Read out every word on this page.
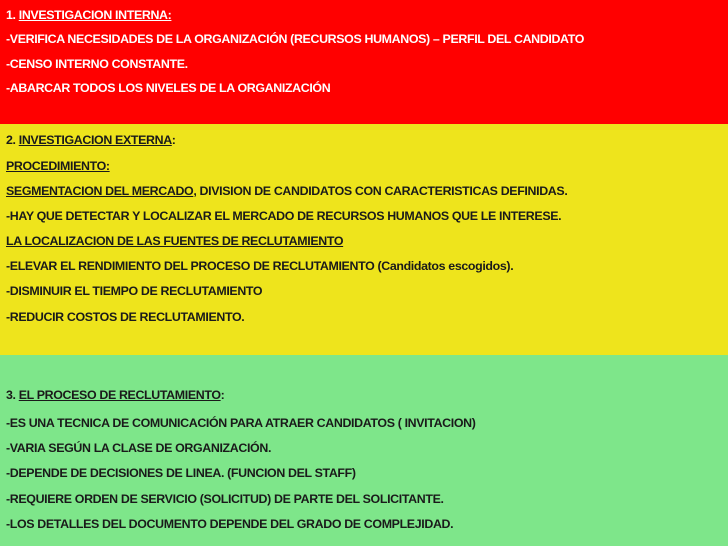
1. INVESTIGACION INTERNA:
-VERIFICA NECESIDADES DE LA ORGANIZACIÓN (RECURSOS HUMANOS) – PERFIL DEL CANDIDATO
-CENSO INTERNO CONSTANTE.
-ABARCAR TODOS LOS NIVELES DE LA ORGANIZACIÓN
2. INVESTIGACION EXTERNA:
PROCEDIMIENTO:
SEGMENTACION DEL MERCADO, DIVISION DE CANDIDATOS CON CARACTERISTICAS DEFINIDAS.
-HAY QUE DETECTAR Y LOCALIZAR EL MERCADO DE RECURSOS HUMANOS QUE LE INTERESE.
LA LOCALIZACION DE LAS FUENTES DE RECLUTAMIENTO
-ELEVAR EL RENDIMIENTO DEL PROCESO DE RECLUTAMIENTO (Candidatos escogidos).
-DISMINUIR EL TIEMPO DE RECLUTAMIENTO
-REDUCIR COSTOS DE RECLUTAMIENTO.
3. EL PROCESO DE RECLUTAMIENTO:
-ES UNA TECNICA DE COMUNICACIÓN PARA ATRAER CANDIDATOS ( INVITACION)
-VARIA SEGÚN LA CLASE DE ORGANIZACIÓN.
-DEPENDE DE DECISIONES DE LINEA. (FUNCION DEL STAFF)
-REQUIERE ORDEN DE SERVICIO (SOLICITUD) DE PARTE DEL SOLICITANTE.
-LOS DETALLES DEL DOCUMENTO DEPENDE DEL GRADO DE COMPLEJIDAD.
